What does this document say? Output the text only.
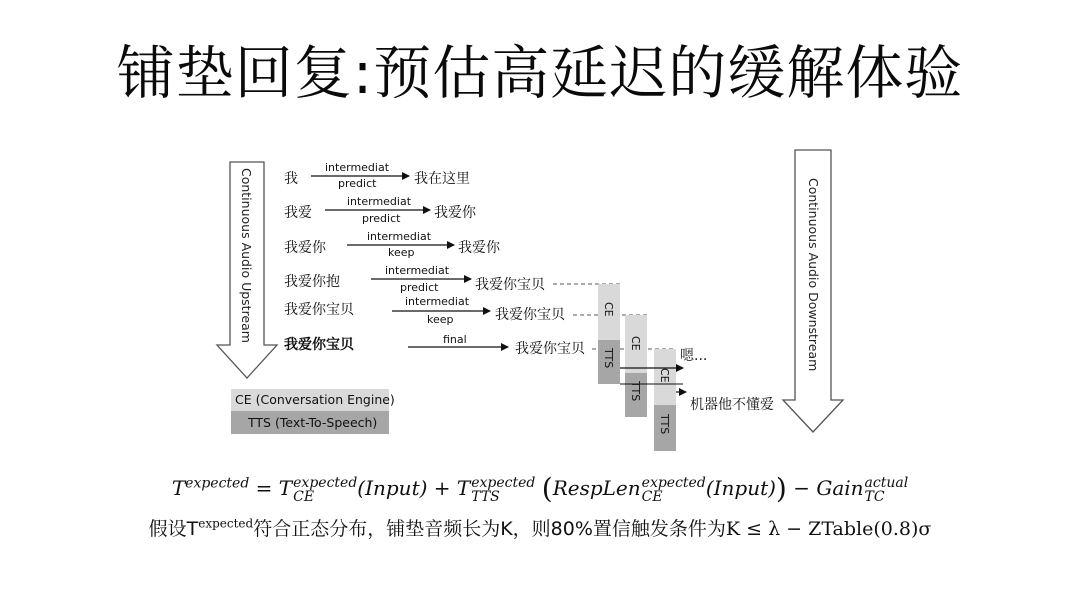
铺垫回复:预估高延迟的缓解体验
Continuous Audio Upstream	Continuous Audio Downstream
我
intermediat
predict	我在这里
我爱
intermediat
predict 我爱你
我爱你
intermediat
keep	我爱你
我爱你抱
intermediat
predict	我爱你宝贝
我爱你宝贝
intermediat
keep	我爱你宝贝
我爱你宝贝	final
我爱你宝贝
CE
TTS
CE
TTS
CE
TTS
嗯...
机器他不懂爱
CE (Conversation Engine)
TTS (Text-To-Speech)
$T^{expected} = T$ expected
CE	(Input) + T expected
TTS	(RespLen expected
CE	(Input)) − Gain actual
TC
假设$T^{expected}$符合正态分布，铺垫音频长为K，则80%置信触发条件为K ≤ λ − ZTable(0.8)σ
